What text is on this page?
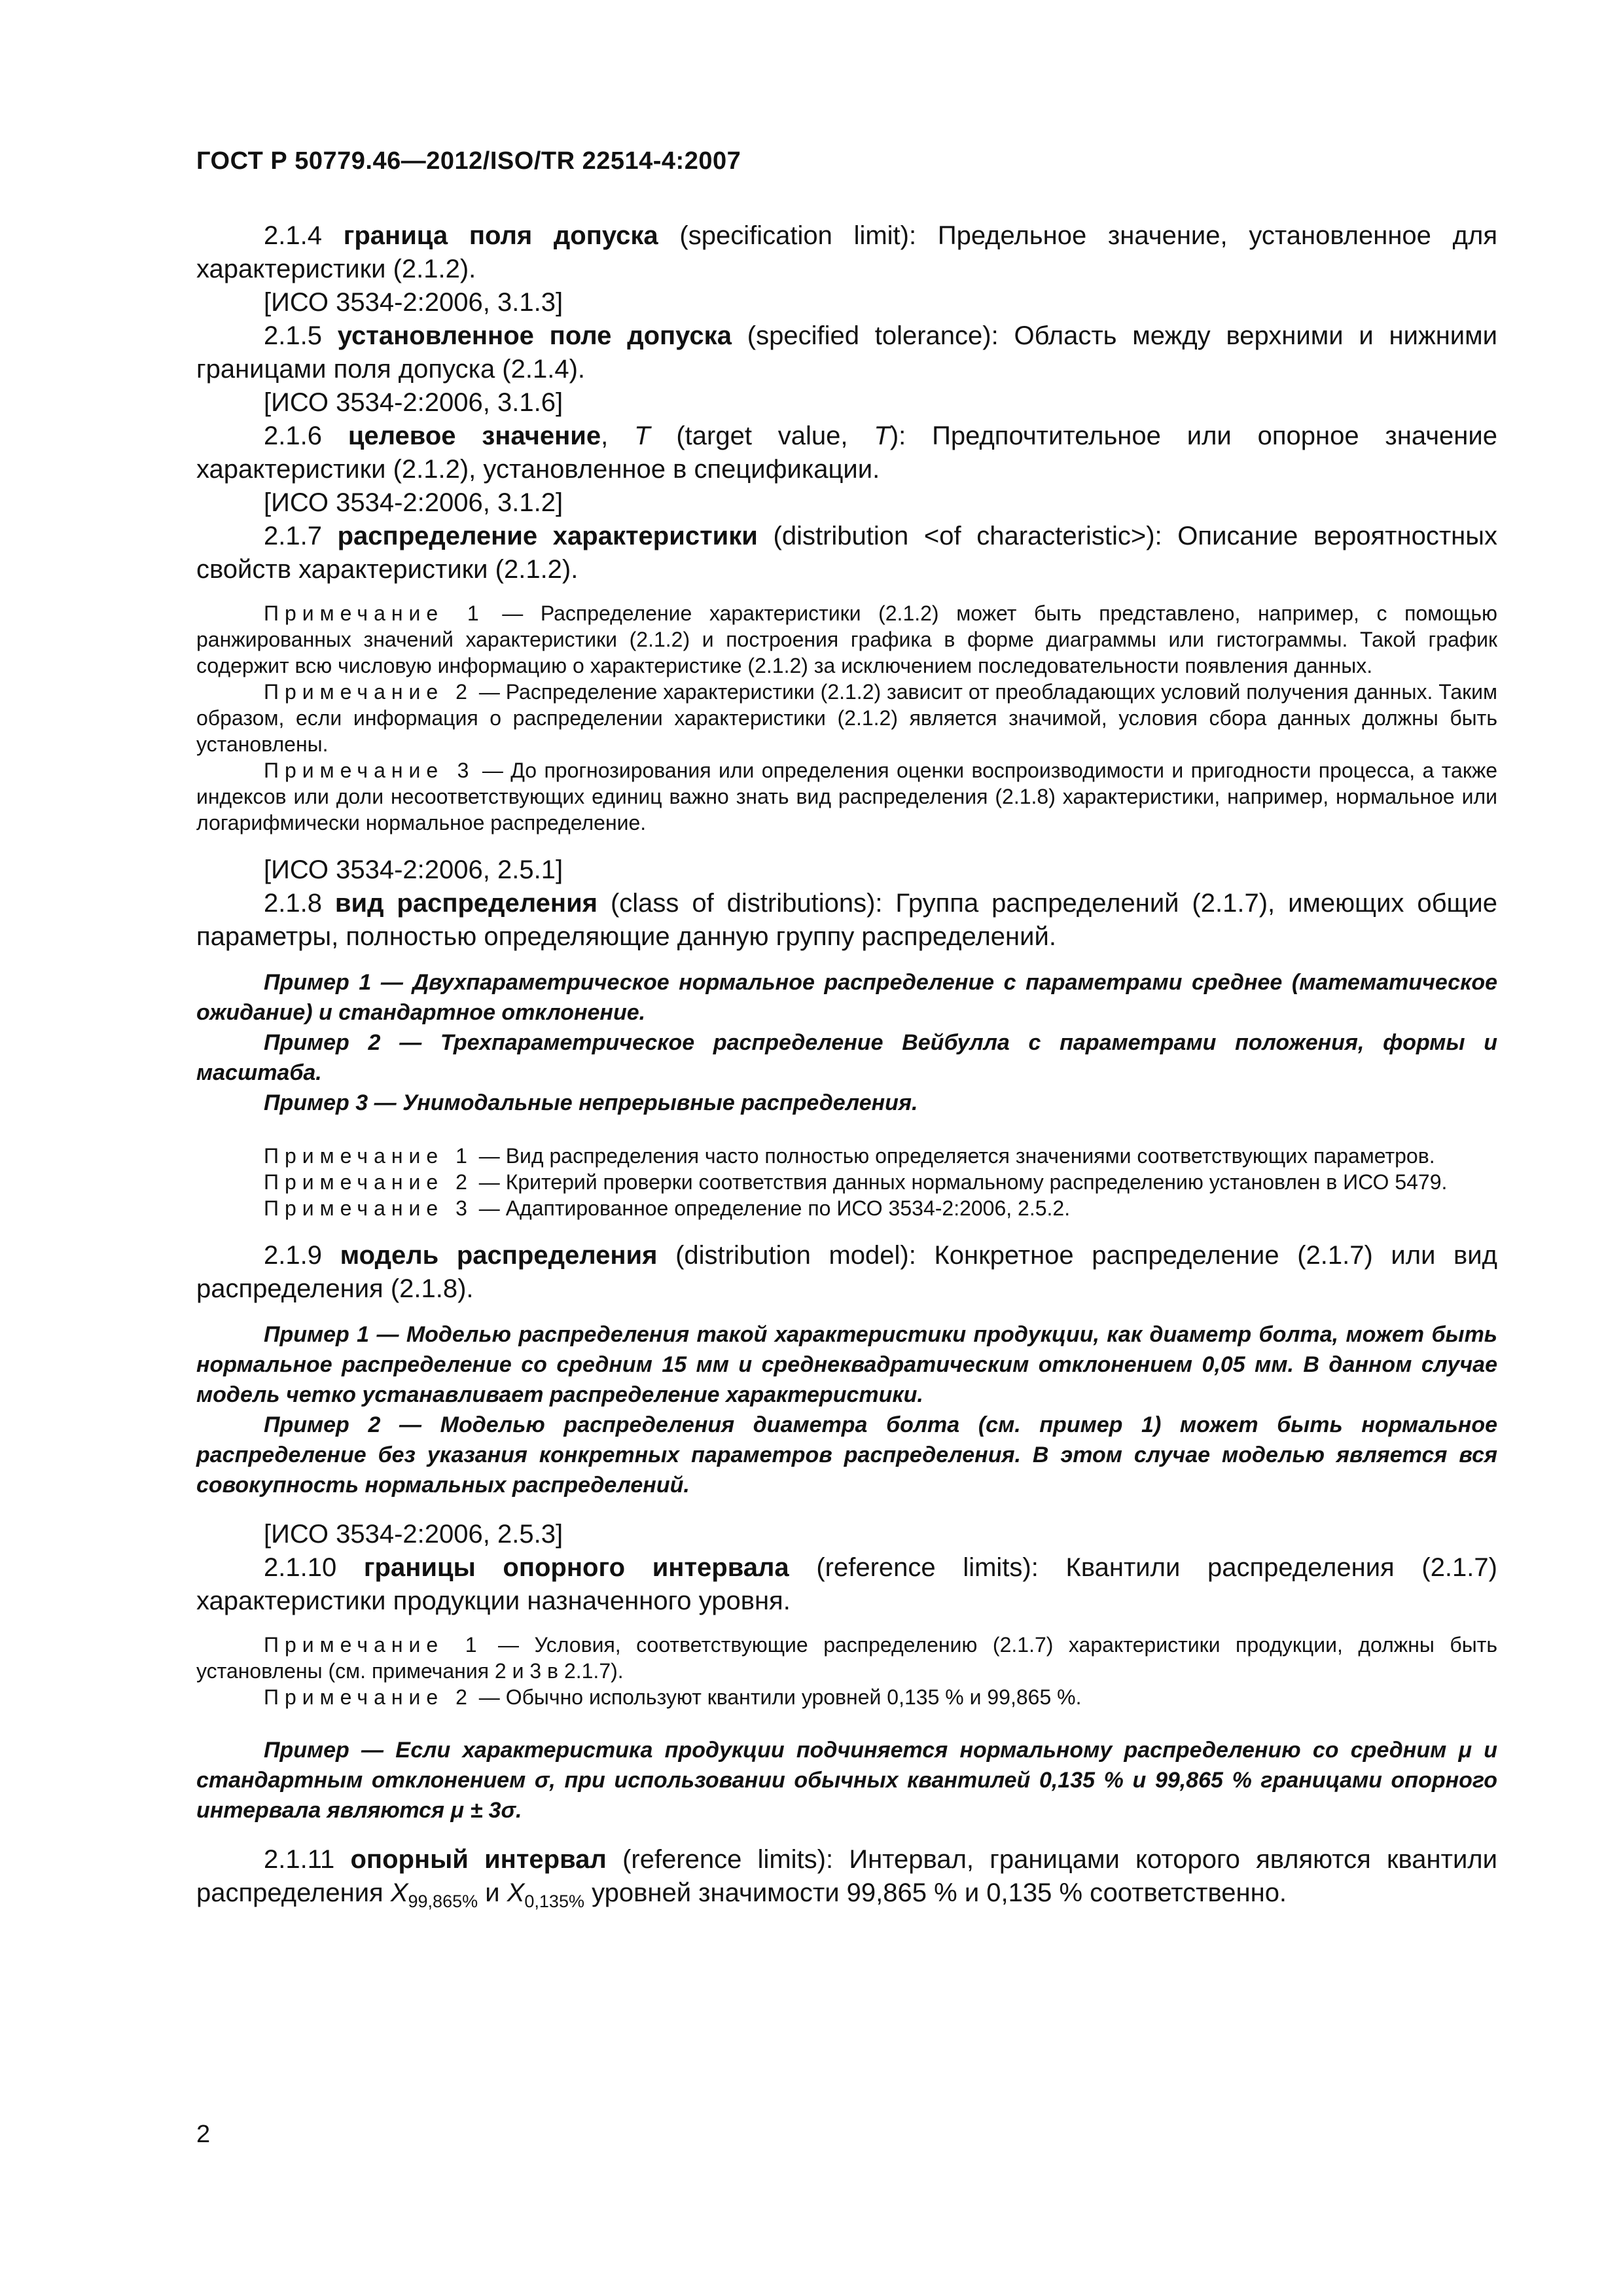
ГОСТ Р 50779.46—2012/ISO/TR 22514-4:2007

2.1.4 граница поля допуска (specification limit): Предельное значение, установленное для характеристики (2.1.2).

[ИСО 3534-2:2006, 3.1.3]

2.1.5 установленное поле допуска (specified tolerance): Область между верхними и нижними границами поля допуска (2.1.4).

[ИСО 3534-2:2006, 3.1.6]

2.1.6 целевое значение, T (target value, T): Предпочтительное или опорное значение характеристики (2.1.2), установленное в спецификации.

[ИСО 3534-2:2006, 3.1.2]

2.1.7 распределение характеристики (distribution <of characteristic>): Описание вероятностных свойств характеристики (2.1.2).

Примечание 1 — Распределение характеристики (2.1.2) может быть представлено, например, с помощью ранжированных значений характеристики (2.1.2) и построения графика в форме диаграммы или гистограммы. Такой график содержит всю числовую информацию о характеристике (2.1.2) за исключением последовательности появления данных.

Примечание 2 — Распределение характеристики (2.1.2) зависит от преобладающих условий получения данных. Таким образом, если информация о распределении характеристики (2.1.2) является значимой, условия сбора данных должны быть установлены.

Примечание 3 — До прогнозирования или определения оценки воспроизводимости и пригодности процесса, а также индексов или доли несоответствующих единиц важно знать вид распределения (2.1.8) характеристики, например, нормальное или логарифмически нормальное распределение.

[ИСО 3534-2:2006, 2.5.1]

2.1.8 вид распределения (class of distributions): Группа распределений (2.1.7), имеющих общие параметры, полностью определяющие данную группу распределений.

Пример 1 — Двухпараметрическое нормальное распределение с параметрами среднее (математическое ожидание) и стандартное отклонение.

Пример 2 — Трехпараметрическое распределение Вейбулла с параметрами положения, формы и масштаба.

Пример 3 — Унимодальные непрерывные распределения.

Примечание 1 — Вид распределения часто полностью определяется значениями соответствующих параметров.

Примечание 2 — Критерий проверки соответствия данных нормальному распределению установлен в ИСО 5479.

Примечание 3 — Адаптированное определение по ИСО 3534-2:2006, 2.5.2.

2.1.9 модель распределения (distribution model): Конкретное распределение (2.1.7) или вид распределения (2.1.8).

Пример 1 — Моделью распределения такой характеристики продукции, как диаметр болта, может быть нормальное распределение со средним 15 мм и среднеквадратическим отклонением 0,05 мм. В данном случае модель четко устанавливает распределение характеристики.

Пример 2 — Моделью распределения диаметра болта (см. пример 1) может быть нормальное распределение без указания конкретных параметров распределения. В этом случае моделью является вся совокупность нормальных распределений.

[ИСО 3534-2:2006, 2.5.3]

2.1.10 границы опорного интервала (reference limits): Квантили распределения (2.1.7) характеристики продукции назначенного уровня.

Примечание 1 — Условия, соответствующие распределению (2.1.7) характеристики продукции, должны быть установлены (см. примечания 2 и 3 в 2.1.7).

Примечание 2 — Обычно используют квантили уровней 0,135 % и 99,865 %.

Пример — Если характеристика продукции подчиняется нормальному распределению со средним μ и стандартным отклонением σ, при использовании обычных квантилей 0,135 % и 99,865 % границами опорного интервала являются μ ± 3σ.

2.1.11 опорный интервал (reference limits): Интервал, границами которого являются квантили распределения $X_{99,865\%}$ и $X_{0,135\%}$ уровней значимости 99,865 % и 0,135 % соответственно.

2
